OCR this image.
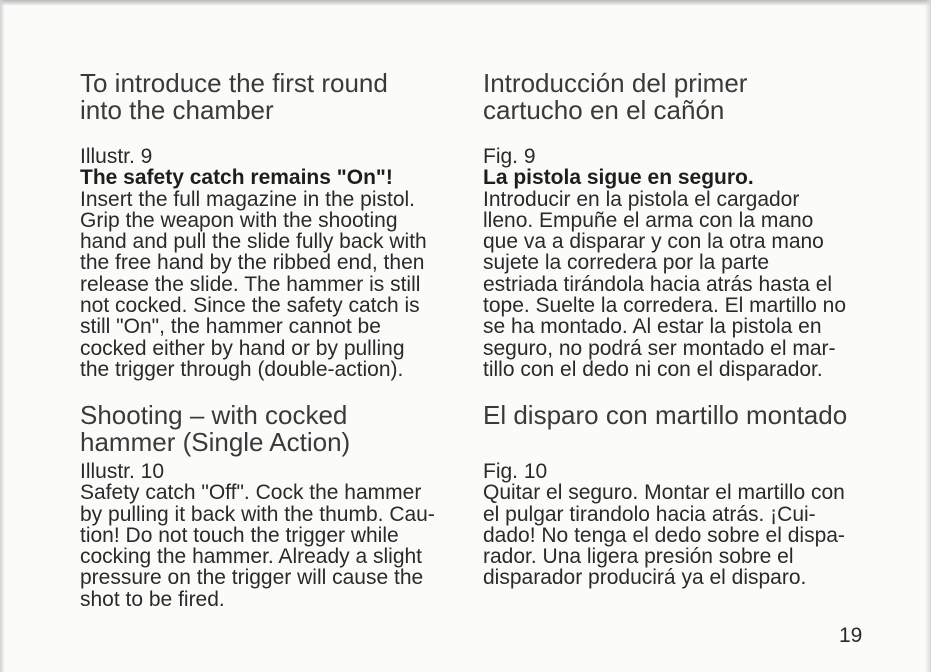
To introduce the first round
into the chamber
Illustr. 9
The safety catch remains "On"!
Insert the full magazine in the pistol.
Grip the weapon with the shooting
hand and pull the slide fully back with
the free hand by the ribbed end, then
release the slide. The hammer is still
not cocked. Since the safety catch is
still "On", the hammer cannot be
cocked either by hand or by pulling
the trigger through (double-action).
Shooting – with cocked
hammer (Single Action)
Illustr. 10
Safety catch "Off". Cock the hammer
by pulling it back with the thumb. Cau-
tion! Do not touch the trigger while
cocking the hammer. Already a slight
pressure on the trigger will cause the
shot to be fired.
Introducción del primer
cartucho en el cañón
Fig. 9
La pistola sigue en seguro.
Introducir en la pistola el cargador
lleno. Empuñe el arma con la mano
que va a disparar y con la otra mano
sujete la corredera por la parte
estriada tirándola hacia atrás hasta el
tope. Suelte la corredera. El martillo no
se ha montado. Al estar la pistola en
seguro, no podrá ser montado el mar-
tillo con el dedo ni con el disparador.
El disparo con martillo montado
Fig. 10
Quitar el seguro. Montar el martillo con
el pulgar tirandolo hacia atrás. ¡Cui-
dado! No tenga el dedo sobre el dispa-
rador. Una ligera presión sobre el
disparador producirá ya el disparo.
19
